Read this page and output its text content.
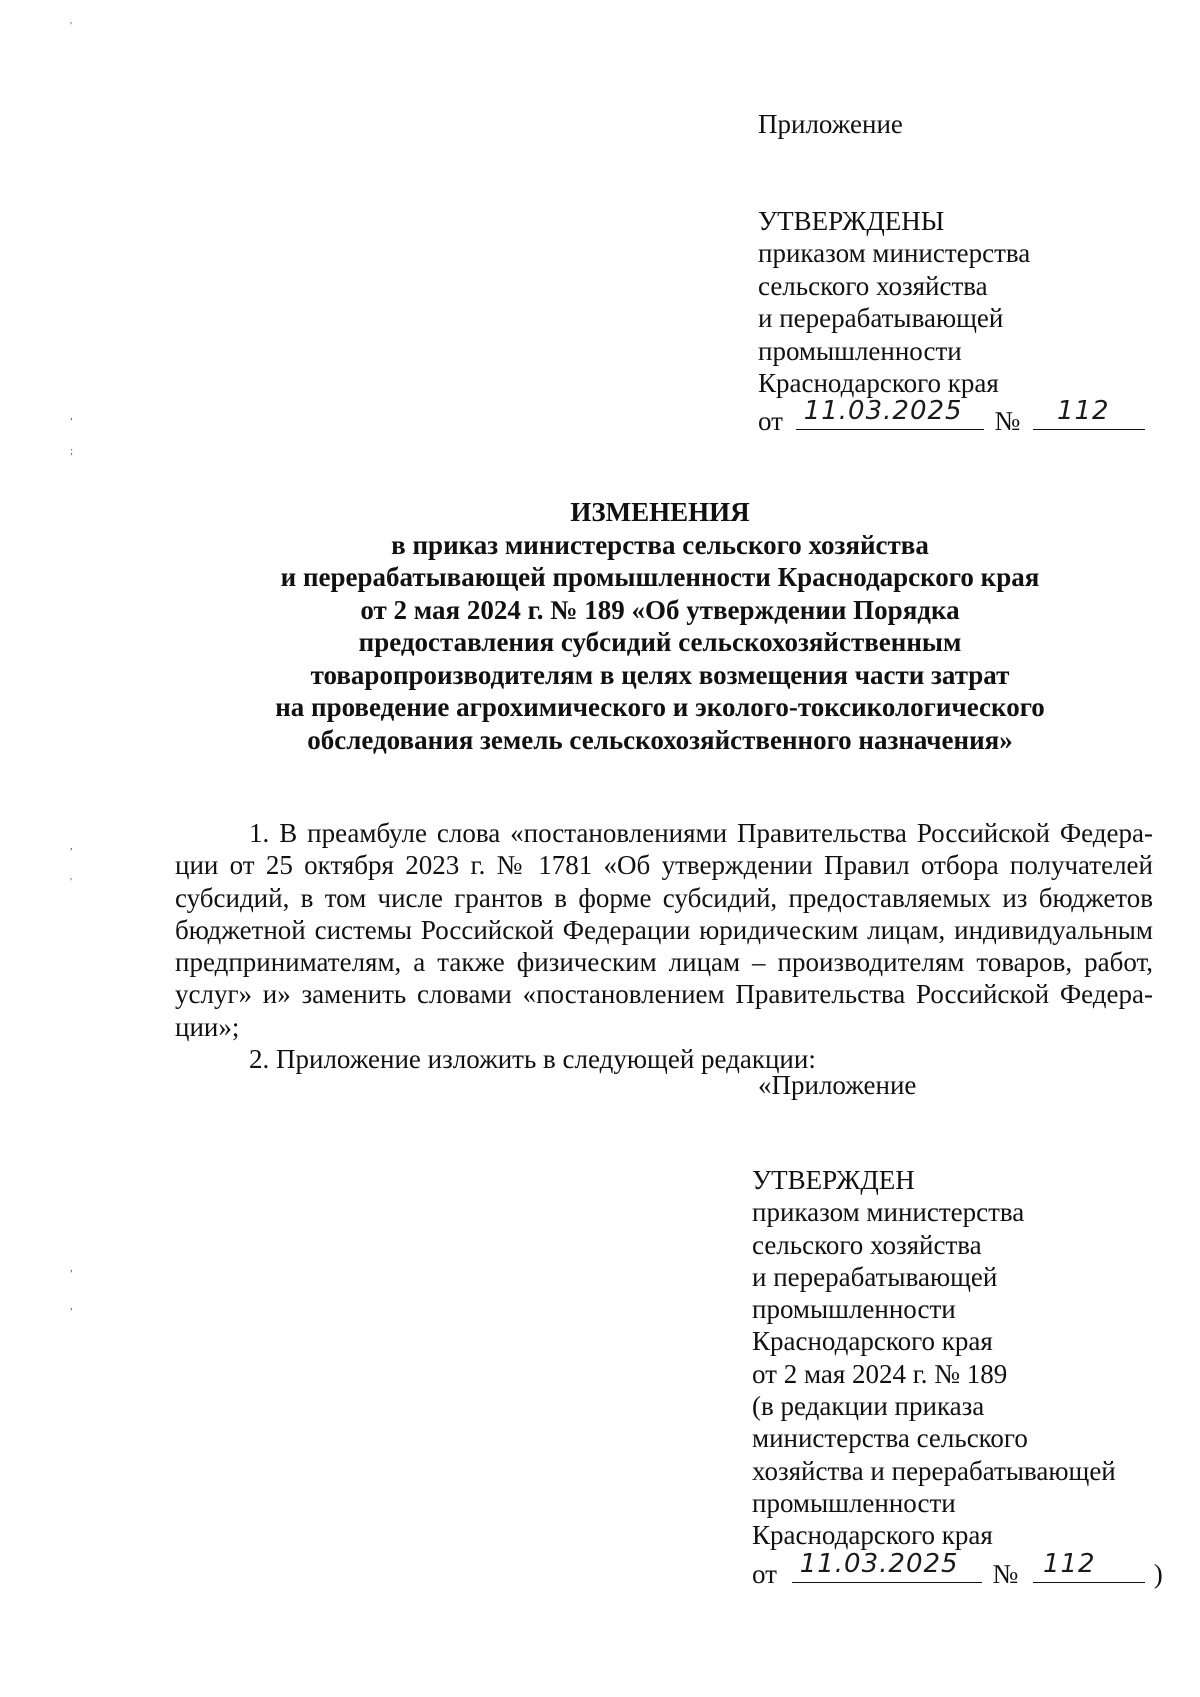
'
,
;
,
'
,
,
Приложение
УТВЕРЖДЕНЫ
приказом министерства
сельского хозяйства
и перерабатывающей
промышленности
Краснодарского края
от 11.03.2025 № 112
ИЗМЕНЕНИЯ
в приказ министерства сельского хозяйства
и перерабатывающей промышленности Краснодарского края
от 2 мая 2024 г. № 189 «Об утверждении Порядка
предоставления субсидий сельскохозяйственным
товаропроизводителям в целях возмещения части затрат
на проведение агрохимического и эколого-токсикологического
обследования земель сельскохозяйственного назначения»
1. В преамбуле слова «постановлениями Правительства Российской Федера-
ции от 25 октября 2023 г. № 1781 «Об утверждении Правил отбора получателей
субсидий, в том числе грантов в форме субсидий, предоставляемых из бюджетов
бюджетной системы Российской Федерации юридическим лицам, индивидуальным
предпринимателям, а также физическим лицам – производителям товаров, работ,
услуг» и» заменить словами «постановлением Правительства Российской Федера-
ции»;
2. Приложение изложить в следующей редакции:
«Приложение
УТВЕРЖДЕН
приказом министерства
сельского хозяйства
и перерабатывающей
промышленности
Краснодарского края
от 2 мая 2024 г. № 189
(в редакции приказа
министерства сельского
хозяйства и перерабатывающей
промышленности
Краснодарского края
от 11.03.2025 № 112 )
